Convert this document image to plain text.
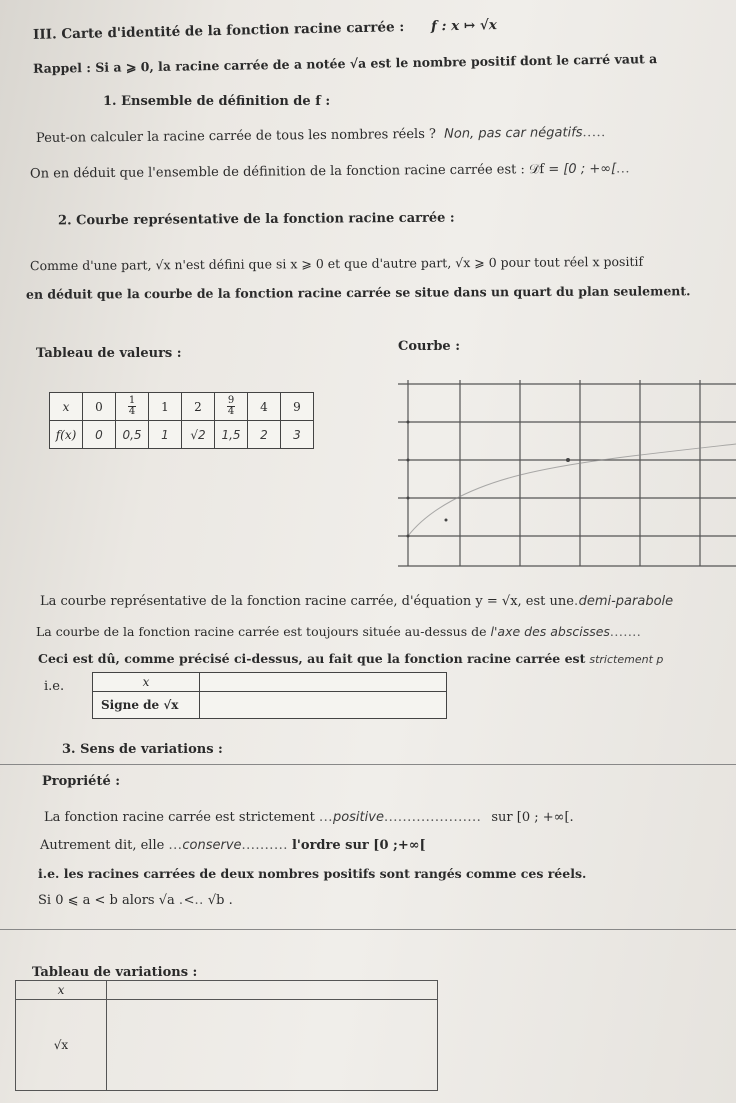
III. Carte d'identité de la fonction racine carrée : f : x ↦ √x
Rappel : Si a ⩾ 0, la racine carrée de a notée √a est le nombre positif dont le carré vaut a
1. Ensemble de définition de f :
Peut-on calculer la racine carrée de tous les nombres réels ? Non, pas car négatifs.....
On en déduit que l'ensemble de définition de la fonction racine carrée est : 𝒟f = [0 ; +∞[...
2. Courbe représentative de la fonction racine carrée :
Comme d'une part, √x n'est défini que si x ⩾ 0 et que d'autre part, √x ⩾ 0 pour tout réel x positif
en déduit que la courbe de la fonction racine carrée se situe dans un quart du plan seulement.
Tableau de valeurs :	Courbe :
x	0	$\frac{1}{4}$	1	2	$\frac{9}{4}$	4	9
f(x)	0	0,5	1	√2	1,5	2	3
La courbe représentative de la fonction racine carrée, d'équation y = √x, est une.demi-parabole
La courbe de la fonction racine carrée est toujours située au-dessus de l'axe des abscisses.......
Ceci est dû, comme précisé ci-dessus, au fait que la fonction racine carrée est strictement p
i.e.	x	
Signe de √x	
3. Sens de variations :
Propriété :
La fonction racine carrée est strictement ...positive..................... sur [0 ; +∞[.
Autrement dit, elle ...conserve.......... l'ordre sur [0 ;+∞[
i.e. les racines carrées de deux nombres positifs sont rangés comme ces réels.
Si 0 ⩽ a < b alors √a .<.. √b .
Tableau de variations :
x	
√x	
